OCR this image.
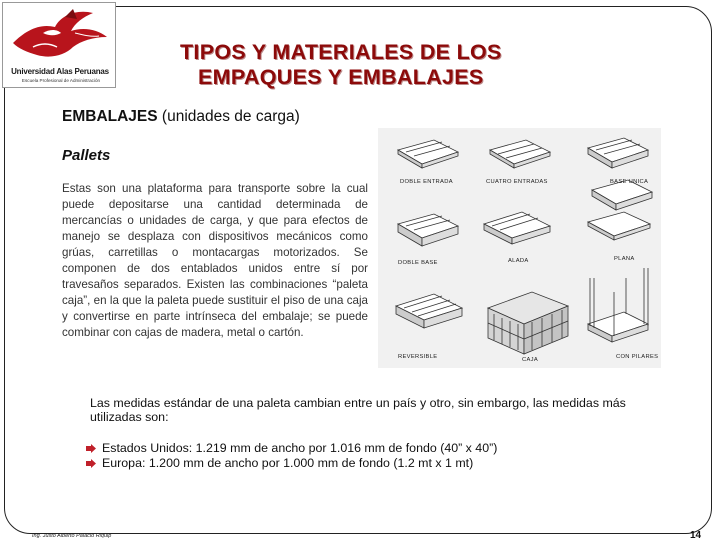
Universidad Alas Peruanas
Escuela Profesional de Administración
TIPOS Y MATERIALES DE LOS
EMPAQUES Y EMBALAJES
EMBALAJES (unidades de carga)
Pallets
Estas son una plataforma para transporte sobre la cual puede depositarse una cantidad determinada de mercancías o unidades de carga, y que para efectos de manejo se desplaza con dispositivos mecánicos como grúas, carretillas o montacargas motorizados. Se componen de dos entablados unidos entre sí por travesaños separados. Existen las combinaciones “paleta caja”, en la que la paleta puede sustituir el piso de una caja y convertirse en parte intrínseca del embalaje; se puede combinar con cajas de madera, metal o cartón.
DOBLE ENTRADA	CUATRO ENTRADAS	BASE UNICA
DOBLE BASE	ALADA	PLANA
REVERSIBLE	CAJA	CON PILARES
Las medidas estándar de una paleta cambian entre un país y otro, sin embargo, las medidas más utilizadas son:
Estados Unidos: 1.219 mm de ancho por 1.016 mm de fondo (40” x 40”)
Europa: 1.200 mm de ancho por 1.000 mm de fondo (1.2 mt x 1 mt)
Ing. Justo Alberto Palacio Riquip	14
